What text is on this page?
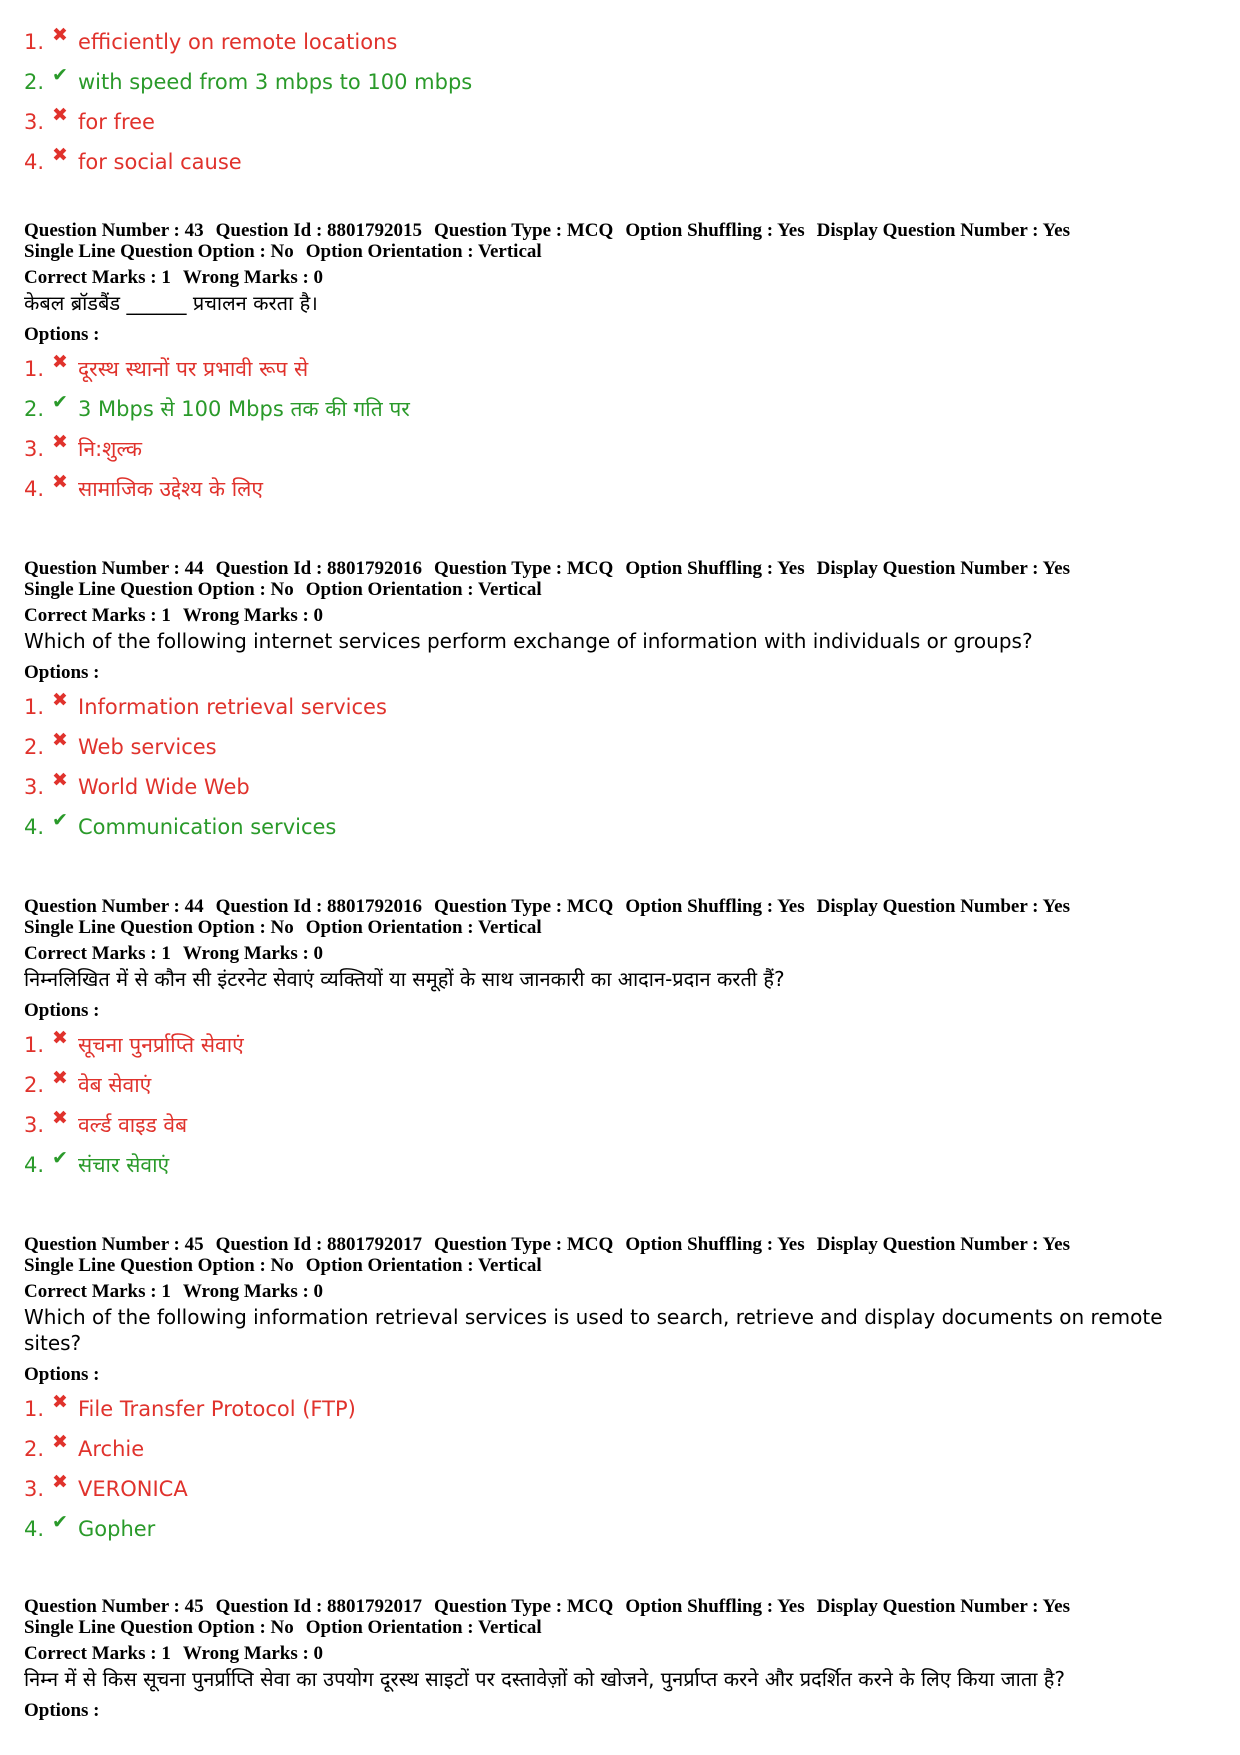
1. ✖ efficiently on remote locations
2. ✔ with speed from 3 mbps to 100 mbps
3. ✖ for free
4. ✖ for social cause
Question Number : 43 Question Id : 8801792015 Question Type : MCQ Option Shuffling : Yes Display Question Number : Yes
Single Line Question Option : No Option Orientation : Vertical
Correct Marks : 1 Wrong Marks : 0
केबल ब्रॉडबैंड ______ प्रचालन करता है।
Options :
1. ✖ दूरस्थ स्थानों पर प्रभावी रूप से
2. ✔ 3 Mbps से 100 Mbps तक की गति पर
3. ✖ नि:शुल्क
4. ✖ सामाजिक उद्देश्य के लिए
Question Number : 44 Question Id : 8801792016 Question Type : MCQ Option Shuffling : Yes Display Question Number : Yes
Single Line Question Option : No Option Orientation : Vertical
Correct Marks : 1 Wrong Marks : 0
Which of the following internet services perform exchange of information with individuals or groups?
Options :
1. ✖ Information retrieval services
2. ✖ Web services
3. ✖ World Wide Web
4. ✔ Communication services
Question Number : 44 Question Id : 8801792016 Question Type : MCQ Option Shuffling : Yes Display Question Number : Yes
Single Line Question Option : No Option Orientation : Vertical
Correct Marks : 1 Wrong Marks : 0
निम्नलिखित में से कौन सी इंटरनेट सेवाएं व्यक्तियों या समूहों के साथ जानकारी का आदान-प्रदान करती हैं?
Options :
1. ✖ सूचना पुनर्प्राप्ति सेवाएं
2. ✖ वेब सेवाएं
3. ✖ वर्ल्ड वाइड वेब
4. ✔ संचार सेवाएं
Question Number : 45 Question Id : 8801792017 Question Type : MCQ Option Shuffling : Yes Display Question Number : Yes
Single Line Question Option : No Option Orientation : Vertical
Correct Marks : 1 Wrong Marks : 0
Which of the following information retrieval services is used to search, retrieve and display documents on remote sites?
Options :
1. ✖ File Transfer Protocol (FTP)
2. ✖ Archie
3. ✖ VERONICA
4. ✔ Gopher
Question Number : 45 Question Id : 8801792017 Question Type : MCQ Option Shuffling : Yes Display Question Number : Yes
Single Line Question Option : No Option Orientation : Vertical
Correct Marks : 1 Wrong Marks : 0
निम्न में से किस सूचना पुनर्प्राप्ति सेवा का उपयोग दूरस्थ साइटों पर दस्तावेज़ों को खोजने, पुनर्प्राप्त करने और प्रदर्शित करने के लिए किया जाता है?
Options :
